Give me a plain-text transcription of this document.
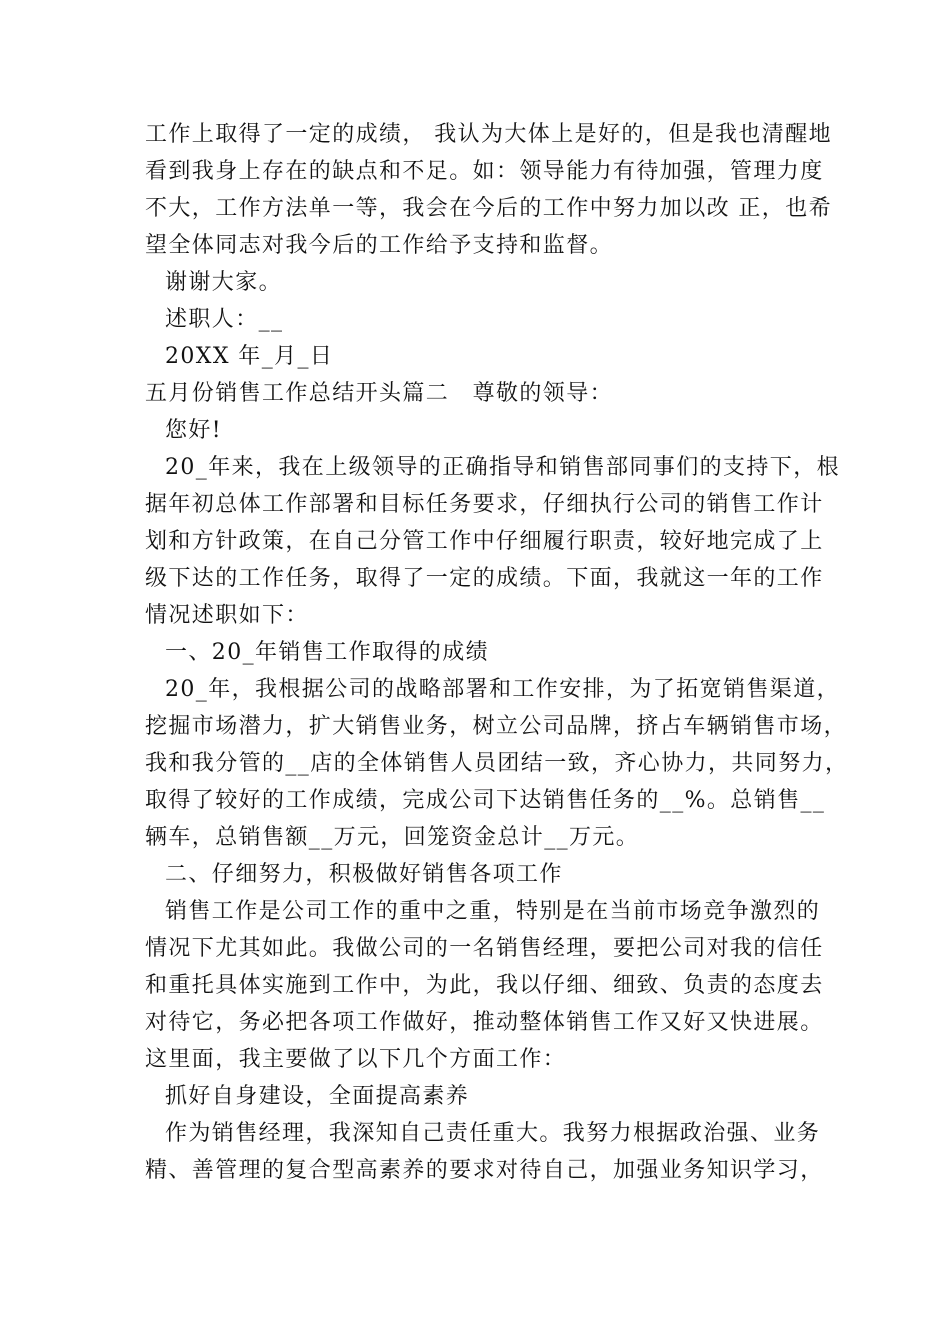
工作上取得了一定的成绩， 我认为大体上是好的，但是我也清醒地
看到我身上存在的缺点和不足。如：领导能力有待加强，管理力度
不大，工作方法单一等，我会在今后的工作中努力加以改 正，也希
望全体同志对我今后的工作给予支持和监督。
谢谢大家。
述职人：__
20XX 年_月_日
五月份销售工作总结开头篇二　尊敬的领导：
您好!
20_年来，我在上级领导的正确指导和销售部同事们的支持下，根
据年初总体工作部署和目标任务要求，仔细执行公司的销售工作计
划和方针政策，在自己分管工作中仔细履行职责，较好地完成了上
级下达的工作任务，取得了一定的成绩。下面，我就这一年的工作
情况述职如下：
一、20_年销售工作取得的成绩
20_年，我根据公司的战略部署和工作安排，为了拓宽销售渠道，
挖掘市场潜力，扩大销售业务，树立公司品牌，挤占车辆销售市场，
我和我分管的__店的全体销售人员团结一致，齐心协力，共同努力，
取得了较好的工作成绩，完成公司下达销售任务的__%。总销售__
辆车，总销售额__万元，回笼资金总计__万元。
二、仔细努力，积极做好销售各项工作
销售工作是公司工作的重中之重，特别是在当前市场竞争激烈的
情况下尤其如此。我做公司的一名销售经理，要把公司对我的信任
和重托具体实施到工作中，为此，我以仔细、细致、负责的态度去
对待它，务必把各项工作做好，推动整体销售工作又好又快进展。
这里面，我主要做了以下几个方面工作：
抓好自身建设，全面提高素养
作为销售经理，我深知自己责任重大。我努力根据政治强、业务
精、善管理的复合型高素养的要求对待自己，加强业务知识学习，
